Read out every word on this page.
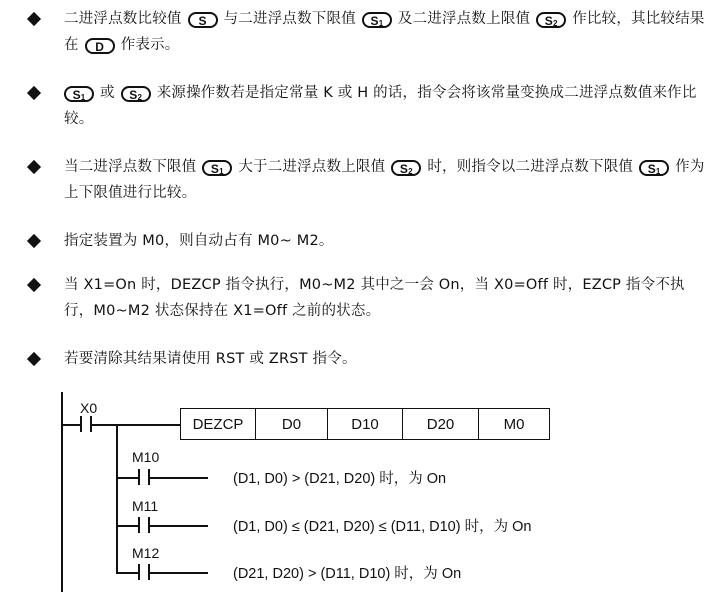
二进浮点数比较值 S 与二进浮点数下限值 $S_1$ 及二进浮点数上限值 $S_2$ 作比较，其比较结果在 D 作表示。
$S_1$ 或 $S_2$ 来源操作数若是指定常量 K 或 H 的话，指令会将该常量变换成二进浮点数值来作比较。
当二进浮点数下限值 $S_1$ 大于二进浮点数上限值 $S_2$ 时，则指令以二进浮点数下限值 $S_1$ 作为上下限值进行比较。
指定装置为 M0，则自动占有 M0~ M2。
当 X1=On 时，DEZCP 指令执行，M0~M2 其中之一会 On，当 X0=Off 时，EZCP 指令不执行，M0~M2 状态保持在 X1=Off 之前的状态。
若要清除其结果请使用 RST 或 ZRST 指令。
X0
DEZCP	D0	D10	D20	M0
M10
(D1, D0) > (D21, D20) 时，为 On
M11
(D1, D0) ≤ (D21, D20) ≤ (D11, D10) 时，为 On
M12
(D21, D20) > (D11, D10) 时，为 On
